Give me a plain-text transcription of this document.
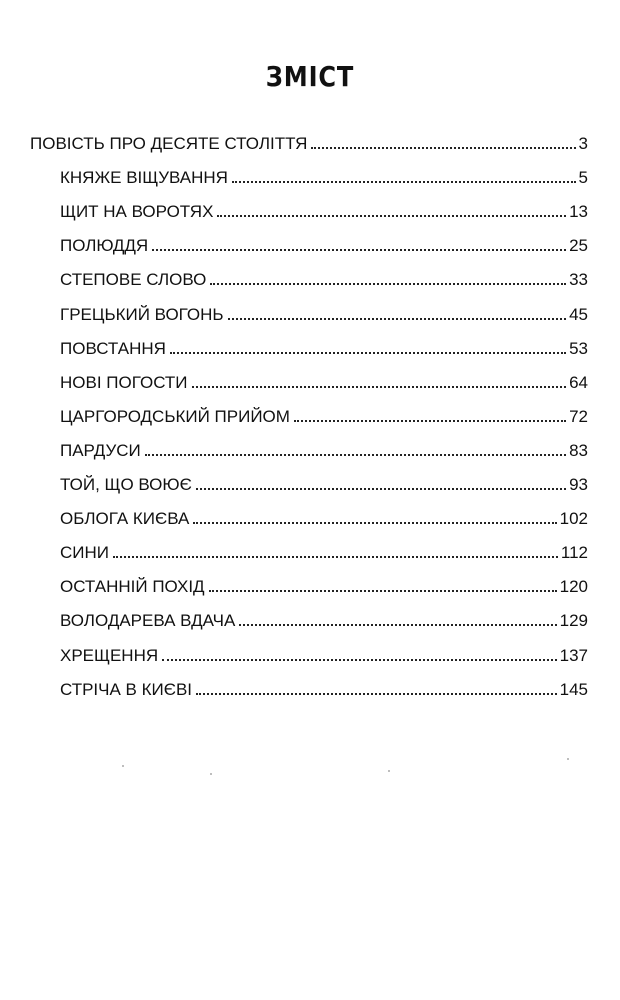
ЗМІСТ
ПОВІСТЬ ПРО ДЕСЯТЕ СТОЛІТТЯ	3
КНЯЖЕ ВІЩУВАННЯ	5
ЩИТ НА ВОРОТЯХ	13
ПОЛЮДДЯ	25
СТЕПОВЕ СЛОВО	33
ГРЕЦЬКИЙ ВОГОНЬ	45
ПОВСТАННЯ	53
НОВІ ПОГОСТИ	64
ЦАРГОРОДСЬКИЙ ПРИЙОМ	72
ПАРДУСИ	83
ТОЙ, ЩО ВОЮЄ	93
ОБЛОГА КИЄВА	102
СИНИ	112
ОСТАННІЙ ПОХІД	120
ВОЛОДАРЕВА ВДАЧА	129
ХРЕЩЕННЯ	137
СТРІЧА В КИЄВІ	145
